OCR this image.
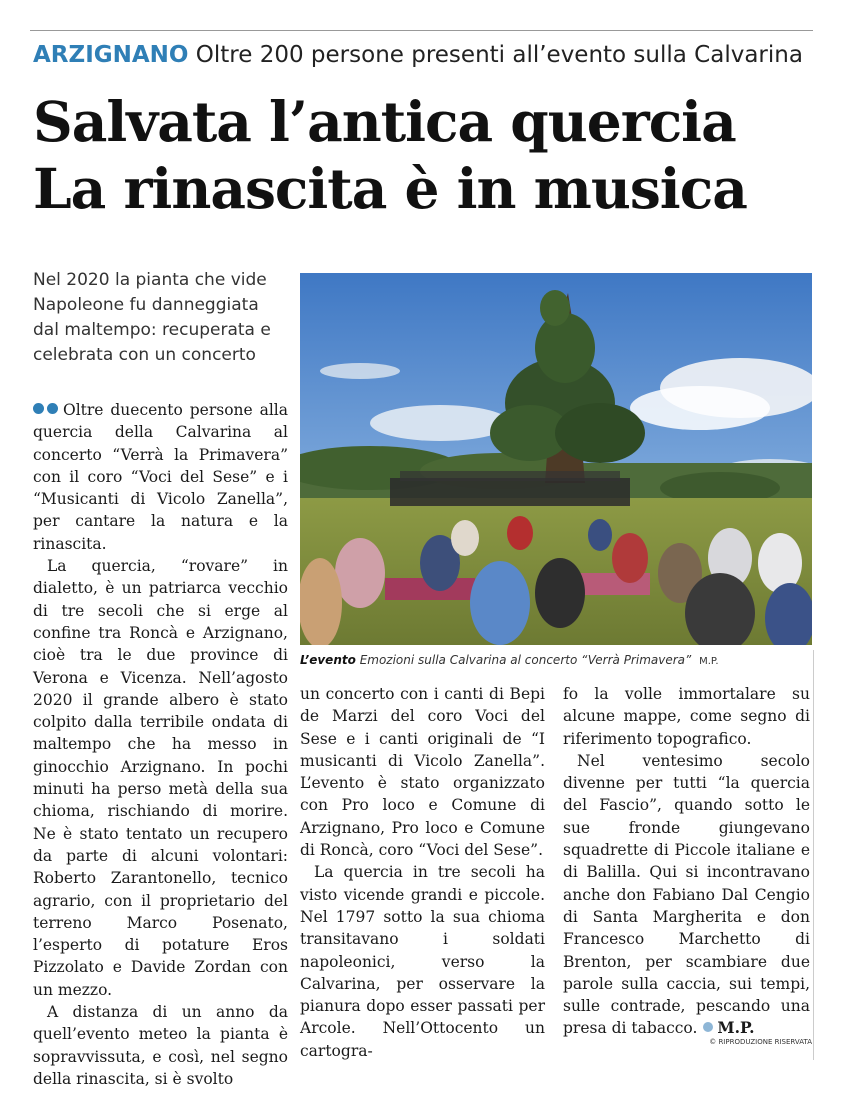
ARZIGNANO Oltre 200 persone presenti all’evento sulla Calvarina
Salvata l’antica quercia
La rinascita è in musica
Nel 2020 la pianta che vide Napoleone fu danneggiata dal maltempo: recuperata e celebrata con un concerto
L’evento Emozioni sulla Calvarina al concerto “Verrà Primavera” M.P.

Oltre duecento persone alla quercia della Calvarina al concerto “Verrà la Primavera” con il coro “Voci del Sese” e i “Musicanti di Vicolo Zanella”, per cantare la natura e la rinascita.

La quercia, “rovare” in dialetto, è un patriarca vecchio di tre secoli che si erge al confine tra Roncà e Arzignano, cioè tra le due province di Verona e Vicenza. Nell’agosto 2020 il grande albero è stato colpito dalla terribile ondata di maltempo che ha messo in ginocchio Arzignano. In pochi minuti ha perso metà della sua chioma, rischiando di morire. Ne è stato tentato un recupero da parte di alcuni volontari: Roberto Zarantonello, tecnico agrario, con il proprietario del terreno Marco Posenato, l’esperto di potature Eros Pizzolato e Davide Zordan con un mezzo.

A distanza di un anno da quell’evento meteo la pianta è sopravvissuta, e così, nel segno della rinascita, si è svolto

un concerto con i canti di Bepi de Marzi del coro Voci del Sese e i canti originali de “I musicanti di Vicolo Zanella”. L’evento è stato organizzato con Pro loco e Comune di Arzignano, Pro loco e Comune di Roncà, coro “Voci del Sese”.

La quercia in tre secoli ha visto vicende grandi e piccole. Nel 1797 sotto la sua chioma transitavano i soldati napoleonici, verso la Calvarina, per osservare la pianura dopo esser passati per Arcole. Nell’Ottocento un cartogra-

fo la volle immortalare su alcune mappe, come segno di riferimento topografico.

Nel ventesimo secolo divenne per tutti “la quercia del Fascio”, quando sotto le sue fronde giungevano squadrette di Piccole italiane e di Balilla. Qui si incontravano anche don Fabiano Dal Cengio di Santa Margherita e don Francesco Marchetto di Brenton, per scambiare due parole sulla caccia, sui tempi, sulle contrade, pescando una presa di tabacco. M.P.

© RIPRODUZIONE RISERVATA
